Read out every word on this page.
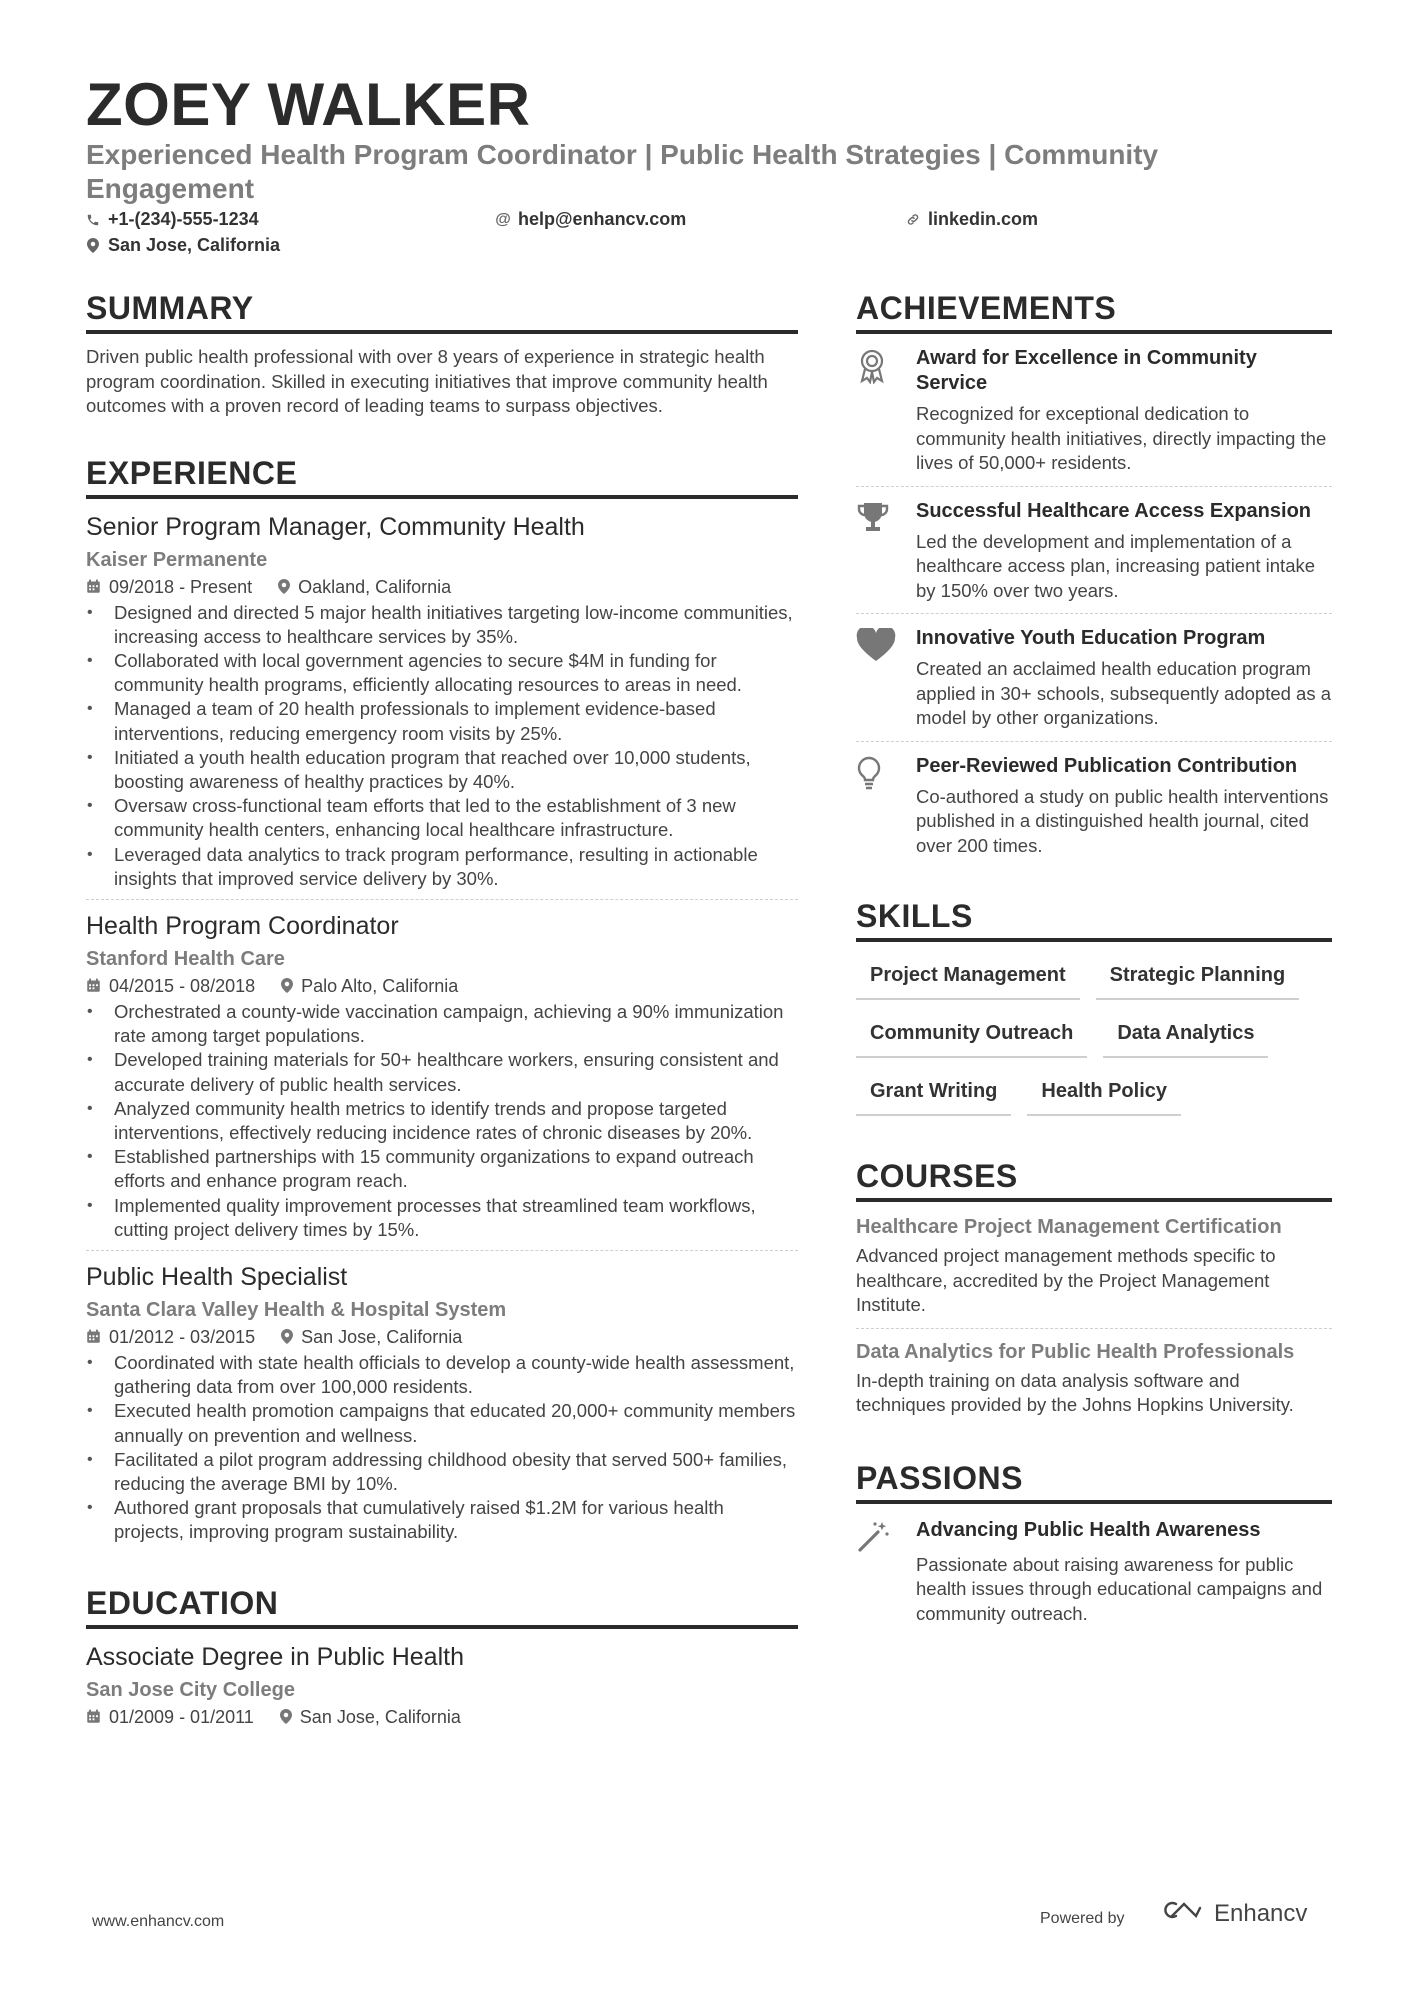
ZOEY WALKER
Experienced Health Program Coordinator | Public Health Strategies | Community Engagement
+1-(234)-555-1234	@ help@enhancv.com	linkedin.com
San Jose, California
SUMMARY
Driven public health professional with over 8 years of experience in strategic health program coordination. Skilled in executing initiatives that improve community health outcomes with a proven record of leading teams to surpass objectives.
EXPERIENCE
Senior Program Manager, Community Health
Kaiser Permanente
09/2018 - Present	Oakland, California
• Designed and directed 5 major health initiatives targeting low-income communities, increasing access to healthcare services by 35%.
• Collaborated with local government agencies to secure $4M in funding for community health programs, efficiently allocating resources to areas in need.
• Managed a team of 20 health professionals to implement evidence-based interventions, reducing emergency room visits by 25%.
• Initiated a youth health education program that reached over 10,000 students, boosting awareness of healthy practices by 40%.
• Oversaw cross-functional team efforts that led to the establishment of 3 new community health centers, enhancing local healthcare infrastructure.
• Leveraged data analytics to track program performance, resulting in actionable insights that improved service delivery by 30%.
Health Program Coordinator
Stanford Health Care
04/2015 - 08/2018	Palo Alto, California
• Orchestrated a county-wide vaccination campaign, achieving a 90% immunization rate among target populations.
• Developed training materials for 50+ healthcare workers, ensuring consistent and accurate delivery of public health services.
• Analyzed community health metrics to identify trends and propose targeted interventions, effectively reducing incidence rates of chronic diseases by 20%.
• Established partnerships with 15 community organizations to expand outreach efforts and enhance program reach.
• Implemented quality improvement processes that streamlined team workflows, cutting project delivery times by 15%.
Public Health Specialist
Santa Clara Valley Health & Hospital System
01/2012 - 03/2015	San Jose, California
• Coordinated with state health officials to develop a county-wide health assessment, gathering data from over 100,000 residents.
• Executed health promotion campaigns that educated 20,000+ community members annually on prevention and wellness.
• Facilitated a pilot program addressing childhood obesity that served 500+ families, reducing the average BMI by 10%.
• Authored grant proposals that cumulatively raised $1.2M for various health projects, improving program sustainability.
EDUCATION
Associate Degree in Public Health
San Jose City College
01/2009 - 01/2011	San Jose, California
ACHIEVEMENTS
Award for Excellence in Community Service
Recognized for exceptional dedication to community health initiatives, directly impacting the lives of 50,000+ residents.
Successful Healthcare Access Expansion
Led the development and implementation of a healthcare access plan, increasing patient intake by 150% over two years.
Innovative Youth Education Program
Created an acclaimed health education program applied in 30+ schools, subsequently adopted as a model by other organizations.
Peer-Reviewed Publication Contribution
Co-authored a study on public health interventions published in a distinguished health journal, cited over 200 times.
SKILLS
Project Management	Strategic Planning
Community Outreach	Data Analytics
Grant Writing	Health Policy
COURSES
Healthcare Project Management Certification
Advanced project management methods specific to healthcare, accredited by the Project Management Institute.
Data Analytics for Public Health Professionals
In-depth training on data analysis software and techniques provided by the Johns Hopkins University.
PASSIONS
Advancing Public Health Awareness
Passionate about raising awareness for public health issues through educational campaigns and community outreach.
www.enhancv.com	Powered by	Enhancv
